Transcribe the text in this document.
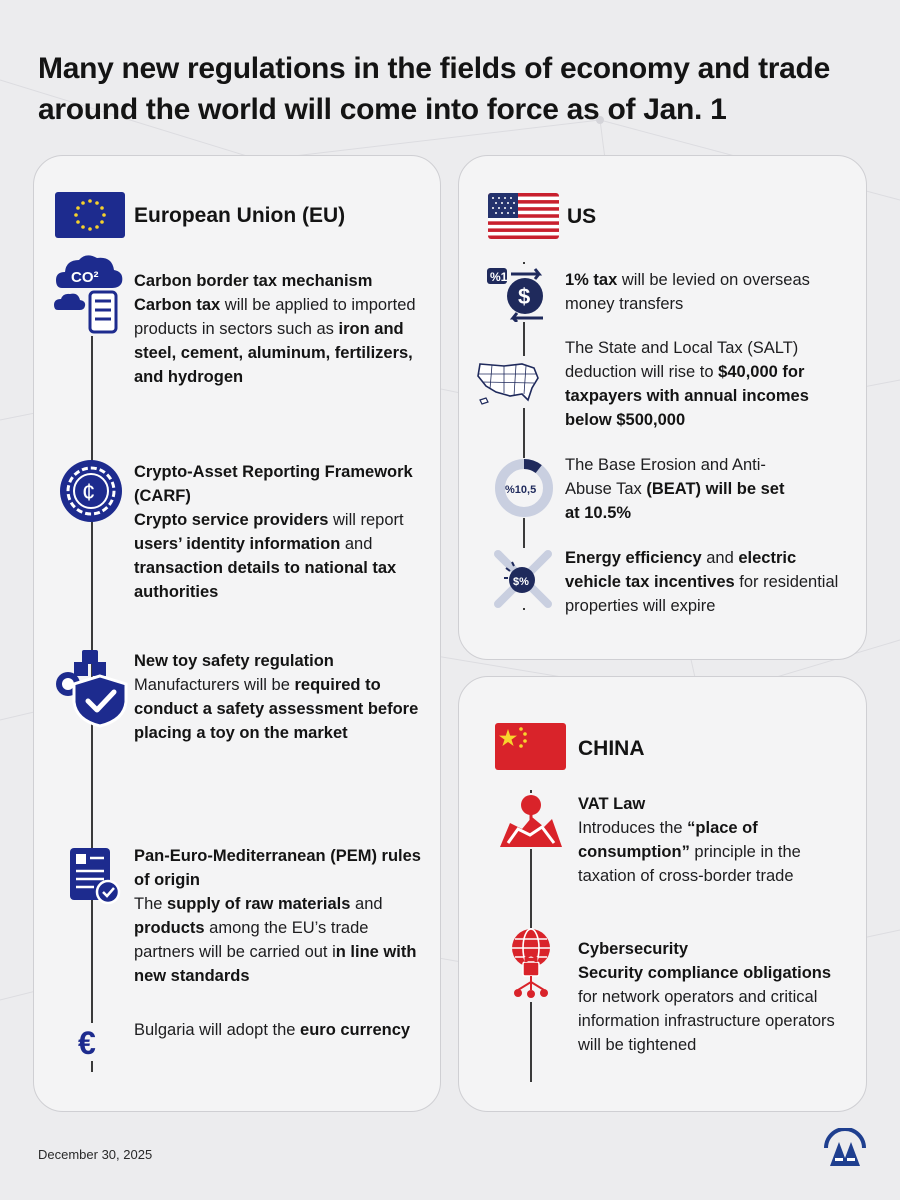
Many new regulations in the fields of economy and trade around the world will come into force as of Jan. 1
European Union (EU)
CO²
¢
€
Carbon border tax mechanism
Carbon tax will be applied to imported products in sectors such as iron and steel, cement, aluminum, fertilizers, and hydrogen
Crypto-Asset Reporting Framework (CARF)
Crypto service providers will report users’ identity information and transaction details to national tax authorities
New toy safety regulation
Manufacturers will be required to conduct a safety assessment before placing a toy on the market
Pan-Euro-Mediterranean (PEM) rules of origin
The supply of raw materials and products among the EU’s trade partners will be carried out in line with new standards
Bulgaria will adopt the euro currency
US
%1
$
%10,5
$%
1% tax will be levied on overseas money transfers
The State and Local Tax (SALT) deduction will rise to $40,000 for taxpayers with annual incomes below $500,000
The Base Erosion and Anti-Abuse Tax (BEAT) will be set at 10.5%
Energy efficiency and electric vehicle tax incentives for residential properties will expire
CHINA
VAT Law
Introduces the “place of consumption” principle in the taxation of cross-border trade
Cybersecurity
Security compliance obligations for network operators and critical information infrastructure operators will be tightened
December 30, 2025
